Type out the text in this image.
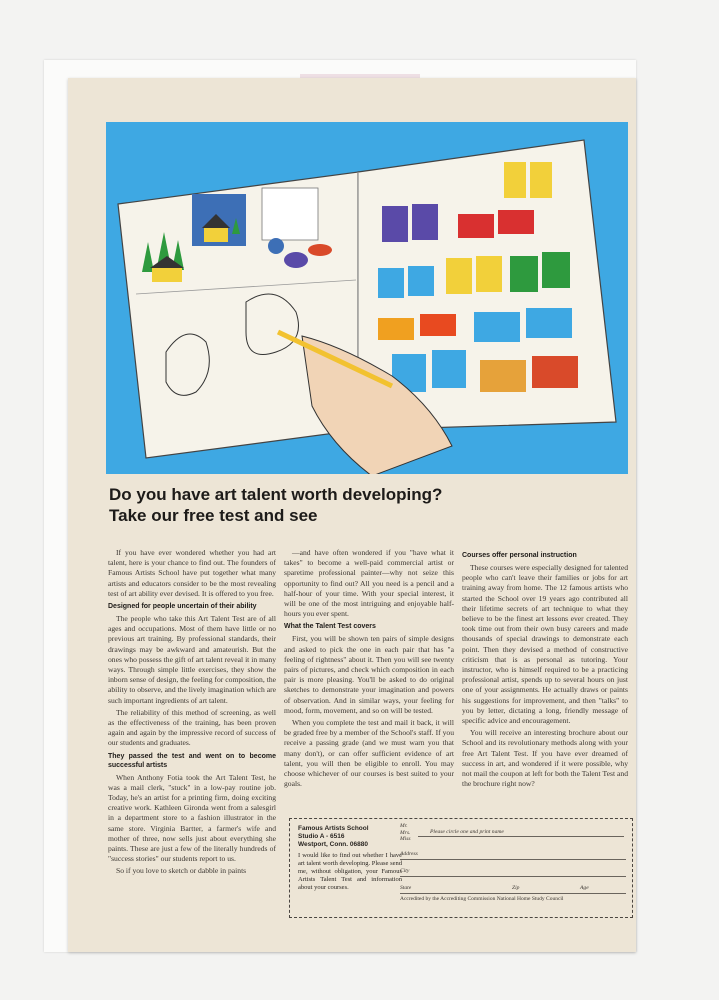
Do you have art talent worth developing?
Take our free test and see

If you have ever wondered whether you had art talent, here is your chance to find out. The founders of Famous Artists School have put together what many artists and educators consider to be the most revealing test of art ability ever devised. It is offered to you free.

Designed for people uncertain of their ability

The people who take this Art Talent Test are of all ages and occupations. Most of them have little or no previous art training. By professional standards, their drawings may be awkward and amateurish. But the ones who possess the gift of art talent reveal it in many ways. Through simple little exercises, they show the inborn sense of design, the feeling for composition, the ability to observe, and the lively imagination which are such important ingredients of art talent.

The reliability of this method of screening, as well as the effectiveness of the training, has been proven again and again by the impressive record of success of our students and graduates.

They passed the test and went on to become successful artists

When Anthony Fotia took the Art Talent Test, he was a mail clerk, "stuck" in a low-pay routine job. Today, he's an artist for a printing firm, doing exciting creative work. Kathleen Gironda went from a salesgirl in a department store to a fashion illustrator in the same store. Virginia Bartter, a farmer's wife and mother of three, now sells just about everything she paints. These are just a few of the literally hundreds of "success stories" our students report to us.

So if you love to sketch or dabble in paints

—and have often wondered if you "have what it takes" to become a well-paid commercial artist or sparetime professional painter—why not seize this opportunity to find out? All you need is a pencil and a half-hour of your time. With your special interest, it will be one of the most intriguing and enjoyable half-hours you ever spent.

What the Talent Test covers

First, you will be shown ten pairs of simple designs and asked to pick the one in each pair that has "a feeling of rightness" about it. Then you will see twenty pairs of pictures, and check which composition in each pair is more pleasing. You'll be asked to do original sketches to demonstrate your imagination and powers of observation. And in similar ways, your feeling for mood, form, movement, and so on will be tested.

When you complete the test and mail it back, it will be graded free by a member of the School's staff. If you receive a passing grade (and we must warn you that many don't), or can offer sufficient evidence of art talent, you will then be eligible to enroll. You may choose whichever of our courses is best suited to your goals.

Courses offer personal instruction

These courses were especially designed for talented people who can't leave their families or jobs for art training away from home. The 12 famous artists who started the School over 19 years ago contributed all their lifetime secrets of art technique to what they believe to be the finest art lessons ever created. They took time out from their own busy careers and made thousands of special drawings to demonstrate each point. Then they devised a method of constructive criticism that is as personal as tutoring. Your instructor, who is himself required to be a practicing professional artist, spends up to several hours on just one of your assignments. He actually draws or paints his suggestions for improvement, and then "talks" to you by letter, dictating a long, friendly message of specific advice and encouragement.

You will receive an interesting brochure about our School and its revolutionary methods along with your free Art Talent Test. If you have ever dreamed of success in art, and wondered if it were possible, why not mail the coupon at left for both the Talent Test and the brochure right now?

Famous Artists School
Studio A - 6516
Westport, Conn. 06880
I would like to find out whether I have art talent worth developing. Please send me, without obligation, your Famous Artists Talent Test and information about your courses.
Mr.
Mrs.
Miss
Please circle one and print name
Address
City
State	Zip	Age
Accredited by the Accrediting Commission National Home Study Council
